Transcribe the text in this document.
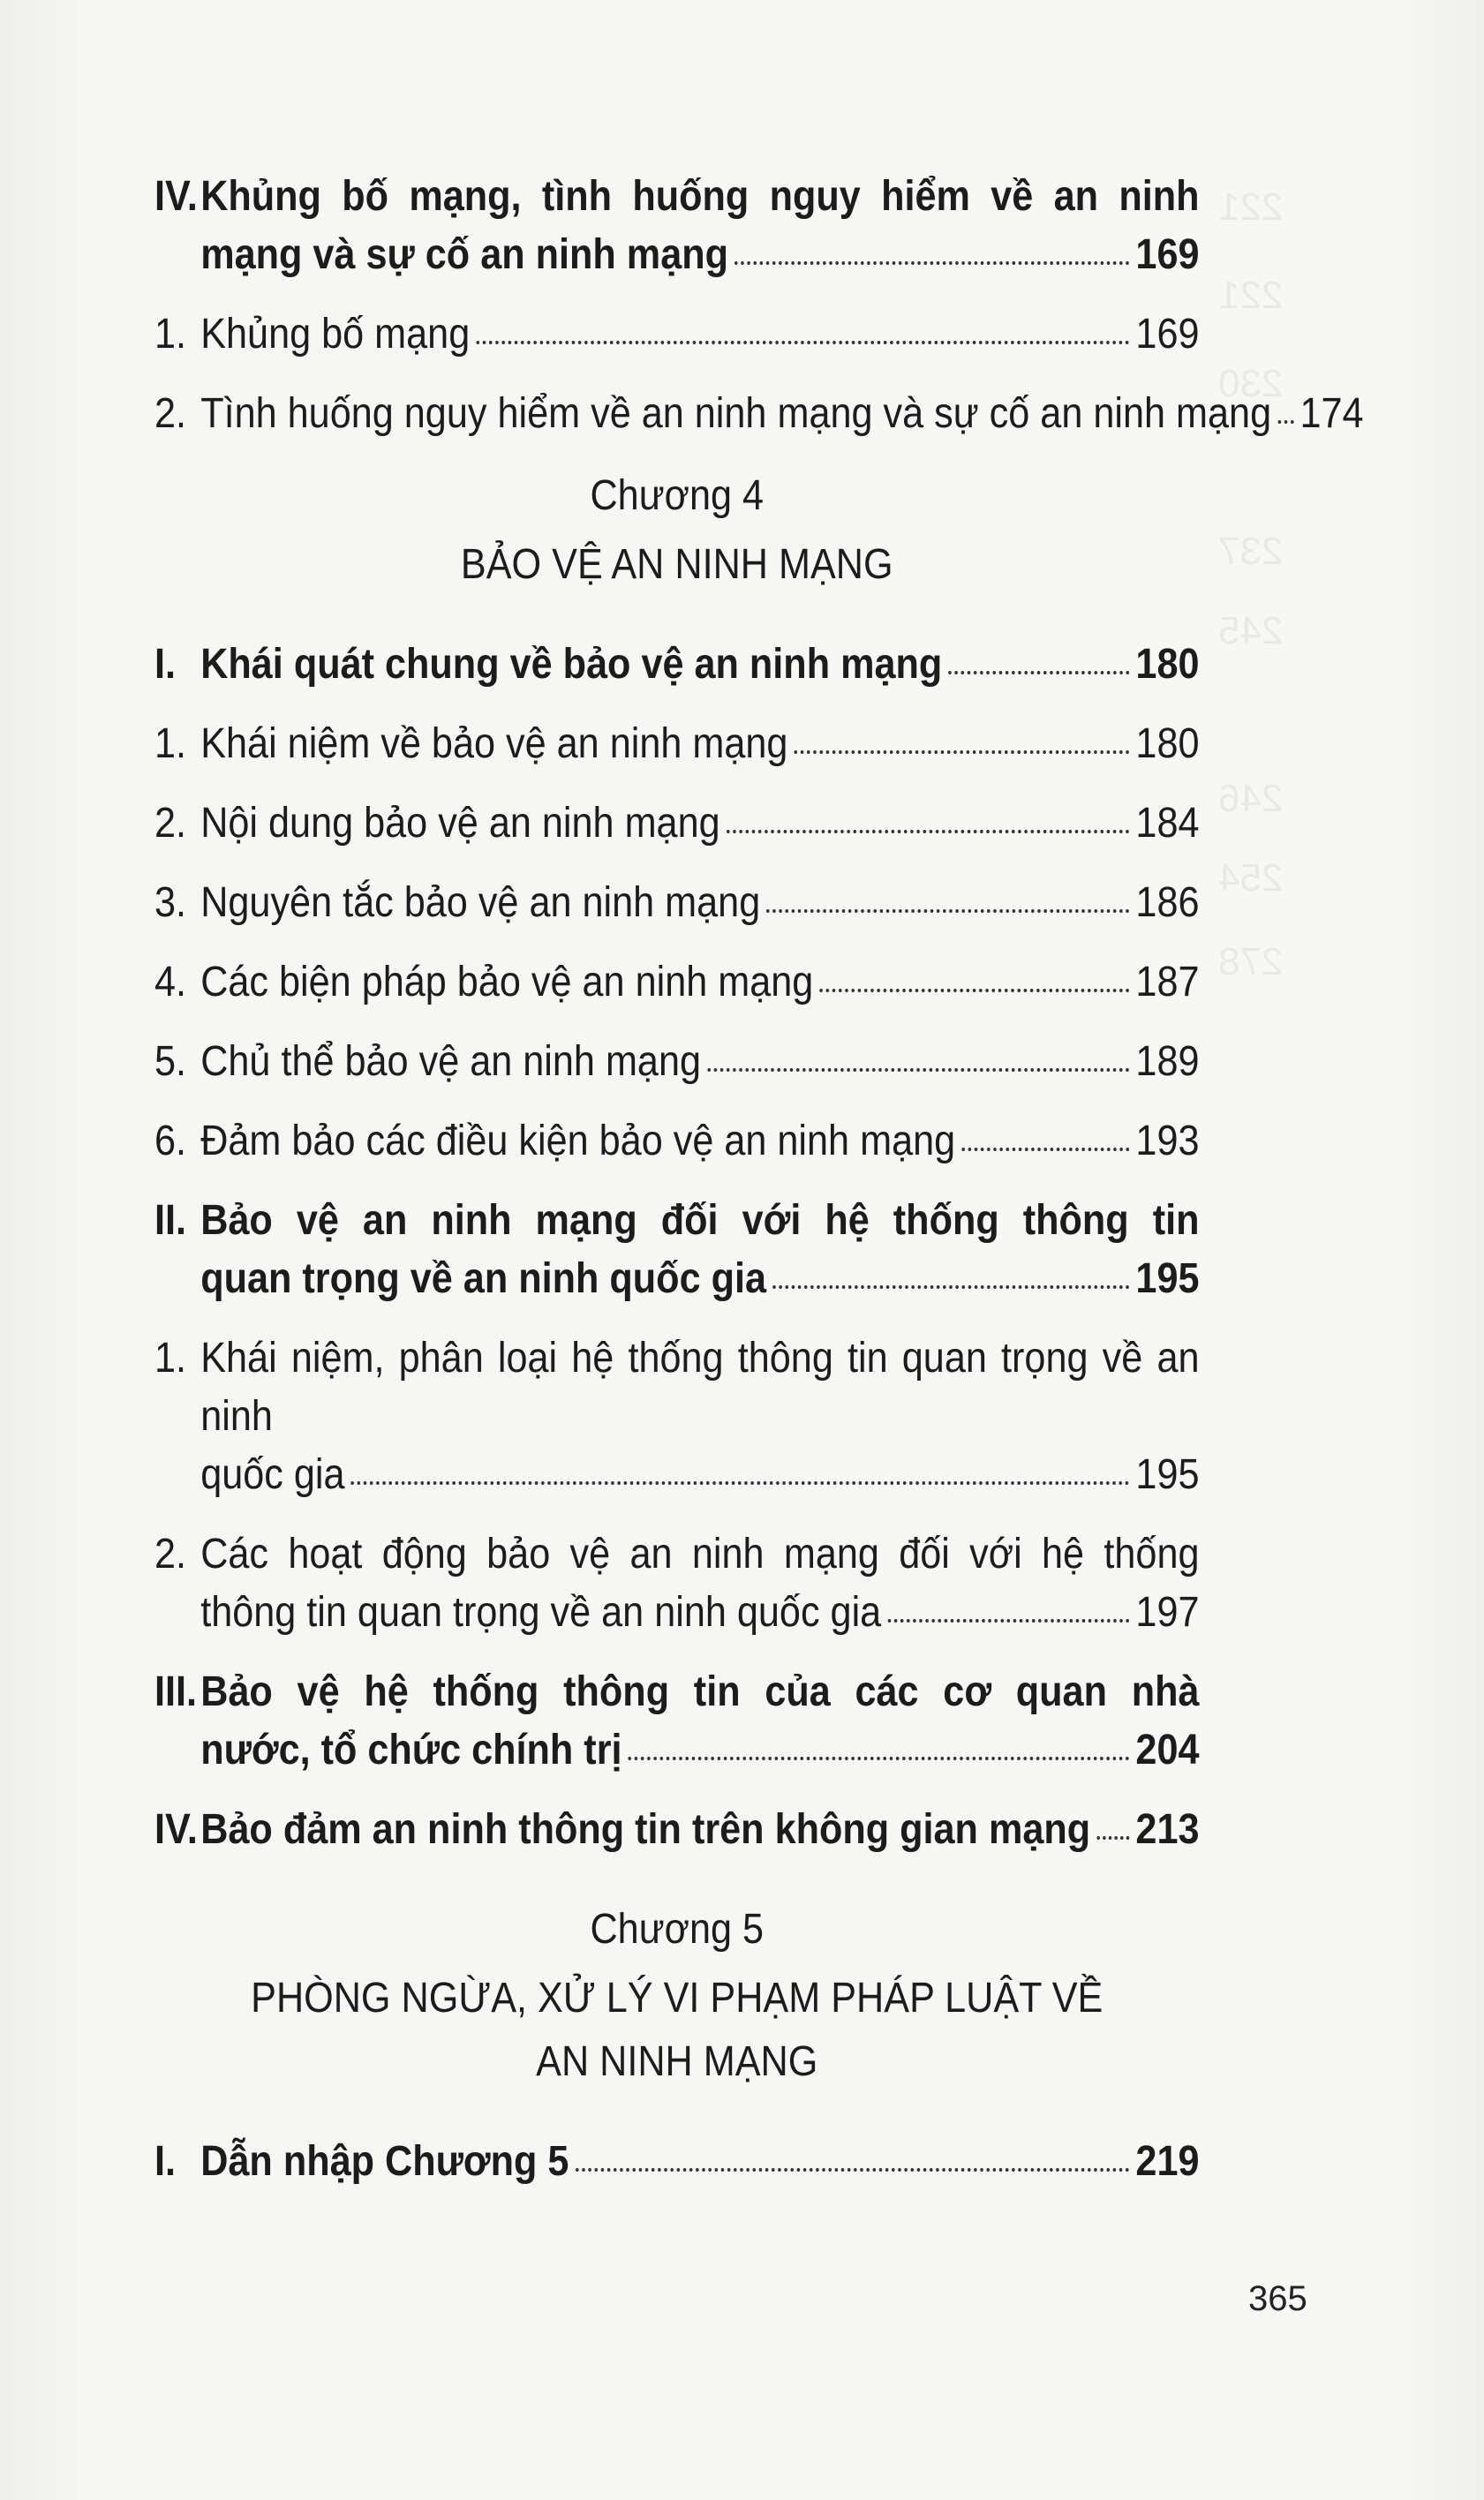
221
221
230
237
245
246
254
278
IV. Khủng bố mạng, tình huống nguy hiểm về an ninh
mạng và sự cố an ninh mạng	169
1. Khủng bố mạng	169
2. Tình huống nguy hiểm về an ninh mạng và sự cố an ninh mạng 174
Chương 4
BẢO VỆ AN NINH MẠNG
I. Khái quát chung về bảo vệ an ninh mạng	180
1. Khái niệm về bảo vệ an ninh mạng	180
2. Nội dung bảo vệ an ninh mạng	184
3. Nguyên tắc bảo vệ an ninh mạng	186
4. Các biện pháp bảo vệ an ninh mạng	187
5. Chủ thể bảo vệ an ninh mạng	189
6. Đảm bảo các điều kiện bảo vệ an ninh mạng	193
II. Bảo vệ an ninh mạng đối với hệ thống thông tin
quan trọng về an ninh quốc gia	195
1. Khái niệm, phân loại hệ thống thông tin quan trọng về an ninh
quốc gia	195
2. Các hoạt động bảo vệ an ninh mạng đối với hệ thống
thông tin quan trọng về an ninh quốc gia	197
III. Bảo vệ hệ thống thông tin của các cơ quan nhà
nước, tổ chức chính trị	204
IV. Bảo đảm an ninh thông tin trên không gian mạng 213
Chương 5
PHÒNG NGỪA, XỬ LÝ VI PHẠM PHÁP LUẬT VỀ
AN NINH MẠNG
I. Dẫn nhập Chương 5	219
365
